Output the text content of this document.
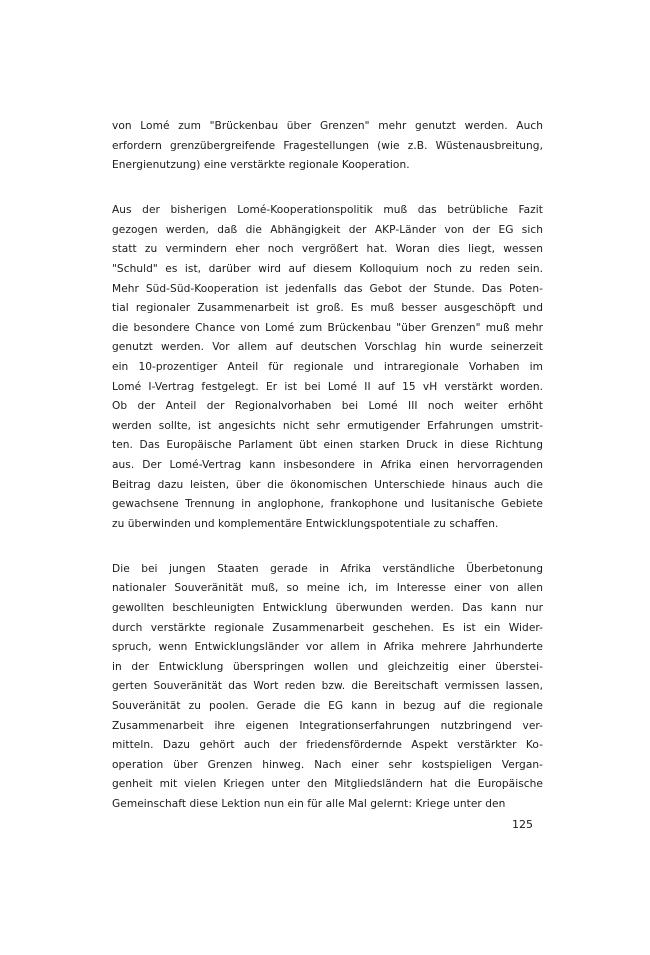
von Lomé zum "Brückenbau über Grenzen" mehr genutzt werden. Auch
erfordern grenzübergreifende Fragestellungen (wie z.B. Wüstenausbreitung,
Energienutzung) eine verstärkte regionale Kooperation.
Aus der bisherigen Lomé-Kooperationspolitik muß das betrübliche Fazit
gezogen werden, daß die Abhängigkeit der AKP-Länder von der EG sich
statt zu vermindern eher noch vergrößert hat. Woran dies liegt, wessen
"Schuld" es ist, darüber wird auf diesem Kolloquium noch zu reden sein.
Mehr Süd-Süd-Kooperation ist jedenfalls das Gebot der Stunde. Das Poten-
tial regionaler Zusammenarbeit ist groß. Es muß besser ausgeschöpft und
die besondere Chance von Lomé zum Brückenbau "über Grenzen" muß mehr
genutzt werden. Vor allem auf deutschen Vorschlag hin wurde seinerzeit
ein 10-prozentiger Anteil für regionale und intraregionale Vorhaben im
Lomé I-Vertrag festgelegt. Er ist bei Lomé II auf 15 vH verstärkt worden.
Ob der Anteil der Regionalvorhaben bei Lomé III noch weiter erhöht
werden sollte, ist angesichts nicht sehr ermutigender Erfahrungen umstrit-
ten. Das Europäische Parlament übt einen starken Druck in diese Richtung
aus. Der Lomé-Vertrag kann insbesondere in Afrika einen hervorragenden
Beitrag dazu leisten, über die ökonomischen Unterschiede hinaus auch die
gewachsene Trennung in anglophone, frankophone und lusitanische Gebiete
zu überwinden und komplementäre Entwicklungspotentiale zu schaffen.
Die bei jungen Staaten gerade in Afrika verständliche Überbetonung
nationaler Souveränität muß, so meine ich, im Interesse einer von allen
gewollten beschleunigten Entwicklung überwunden werden. Das kann nur
durch verstärkte regionale Zusammenarbeit geschehen. Es ist ein Wider-
spruch, wenn Entwicklungsländer vor allem in Afrika mehrere Jahrhunderte
in der Entwicklung überspringen wollen und gleichzeitig einer überstei-
gerten Souveränität das Wort reden bzw. die Bereitschaft vermissen lassen,
Souveränität zu poolen. Gerade die EG kann in bezug auf die regionale
Zusammenarbeit ihre eigenen Integrationserfahrungen nutzbringend ver-
mitteln. Dazu gehört auch der friedensfördernde Aspekt verstärkter Ko-
operation über Grenzen hinweg. Nach einer sehr kostspieligen Vergan-
genheit mit vielen Kriegen unter den Mitgliedsländern hat die Europäische
Gemeinschaft diese Lektion nun ein für alle Mal gelernt: Kriege unter den
125
